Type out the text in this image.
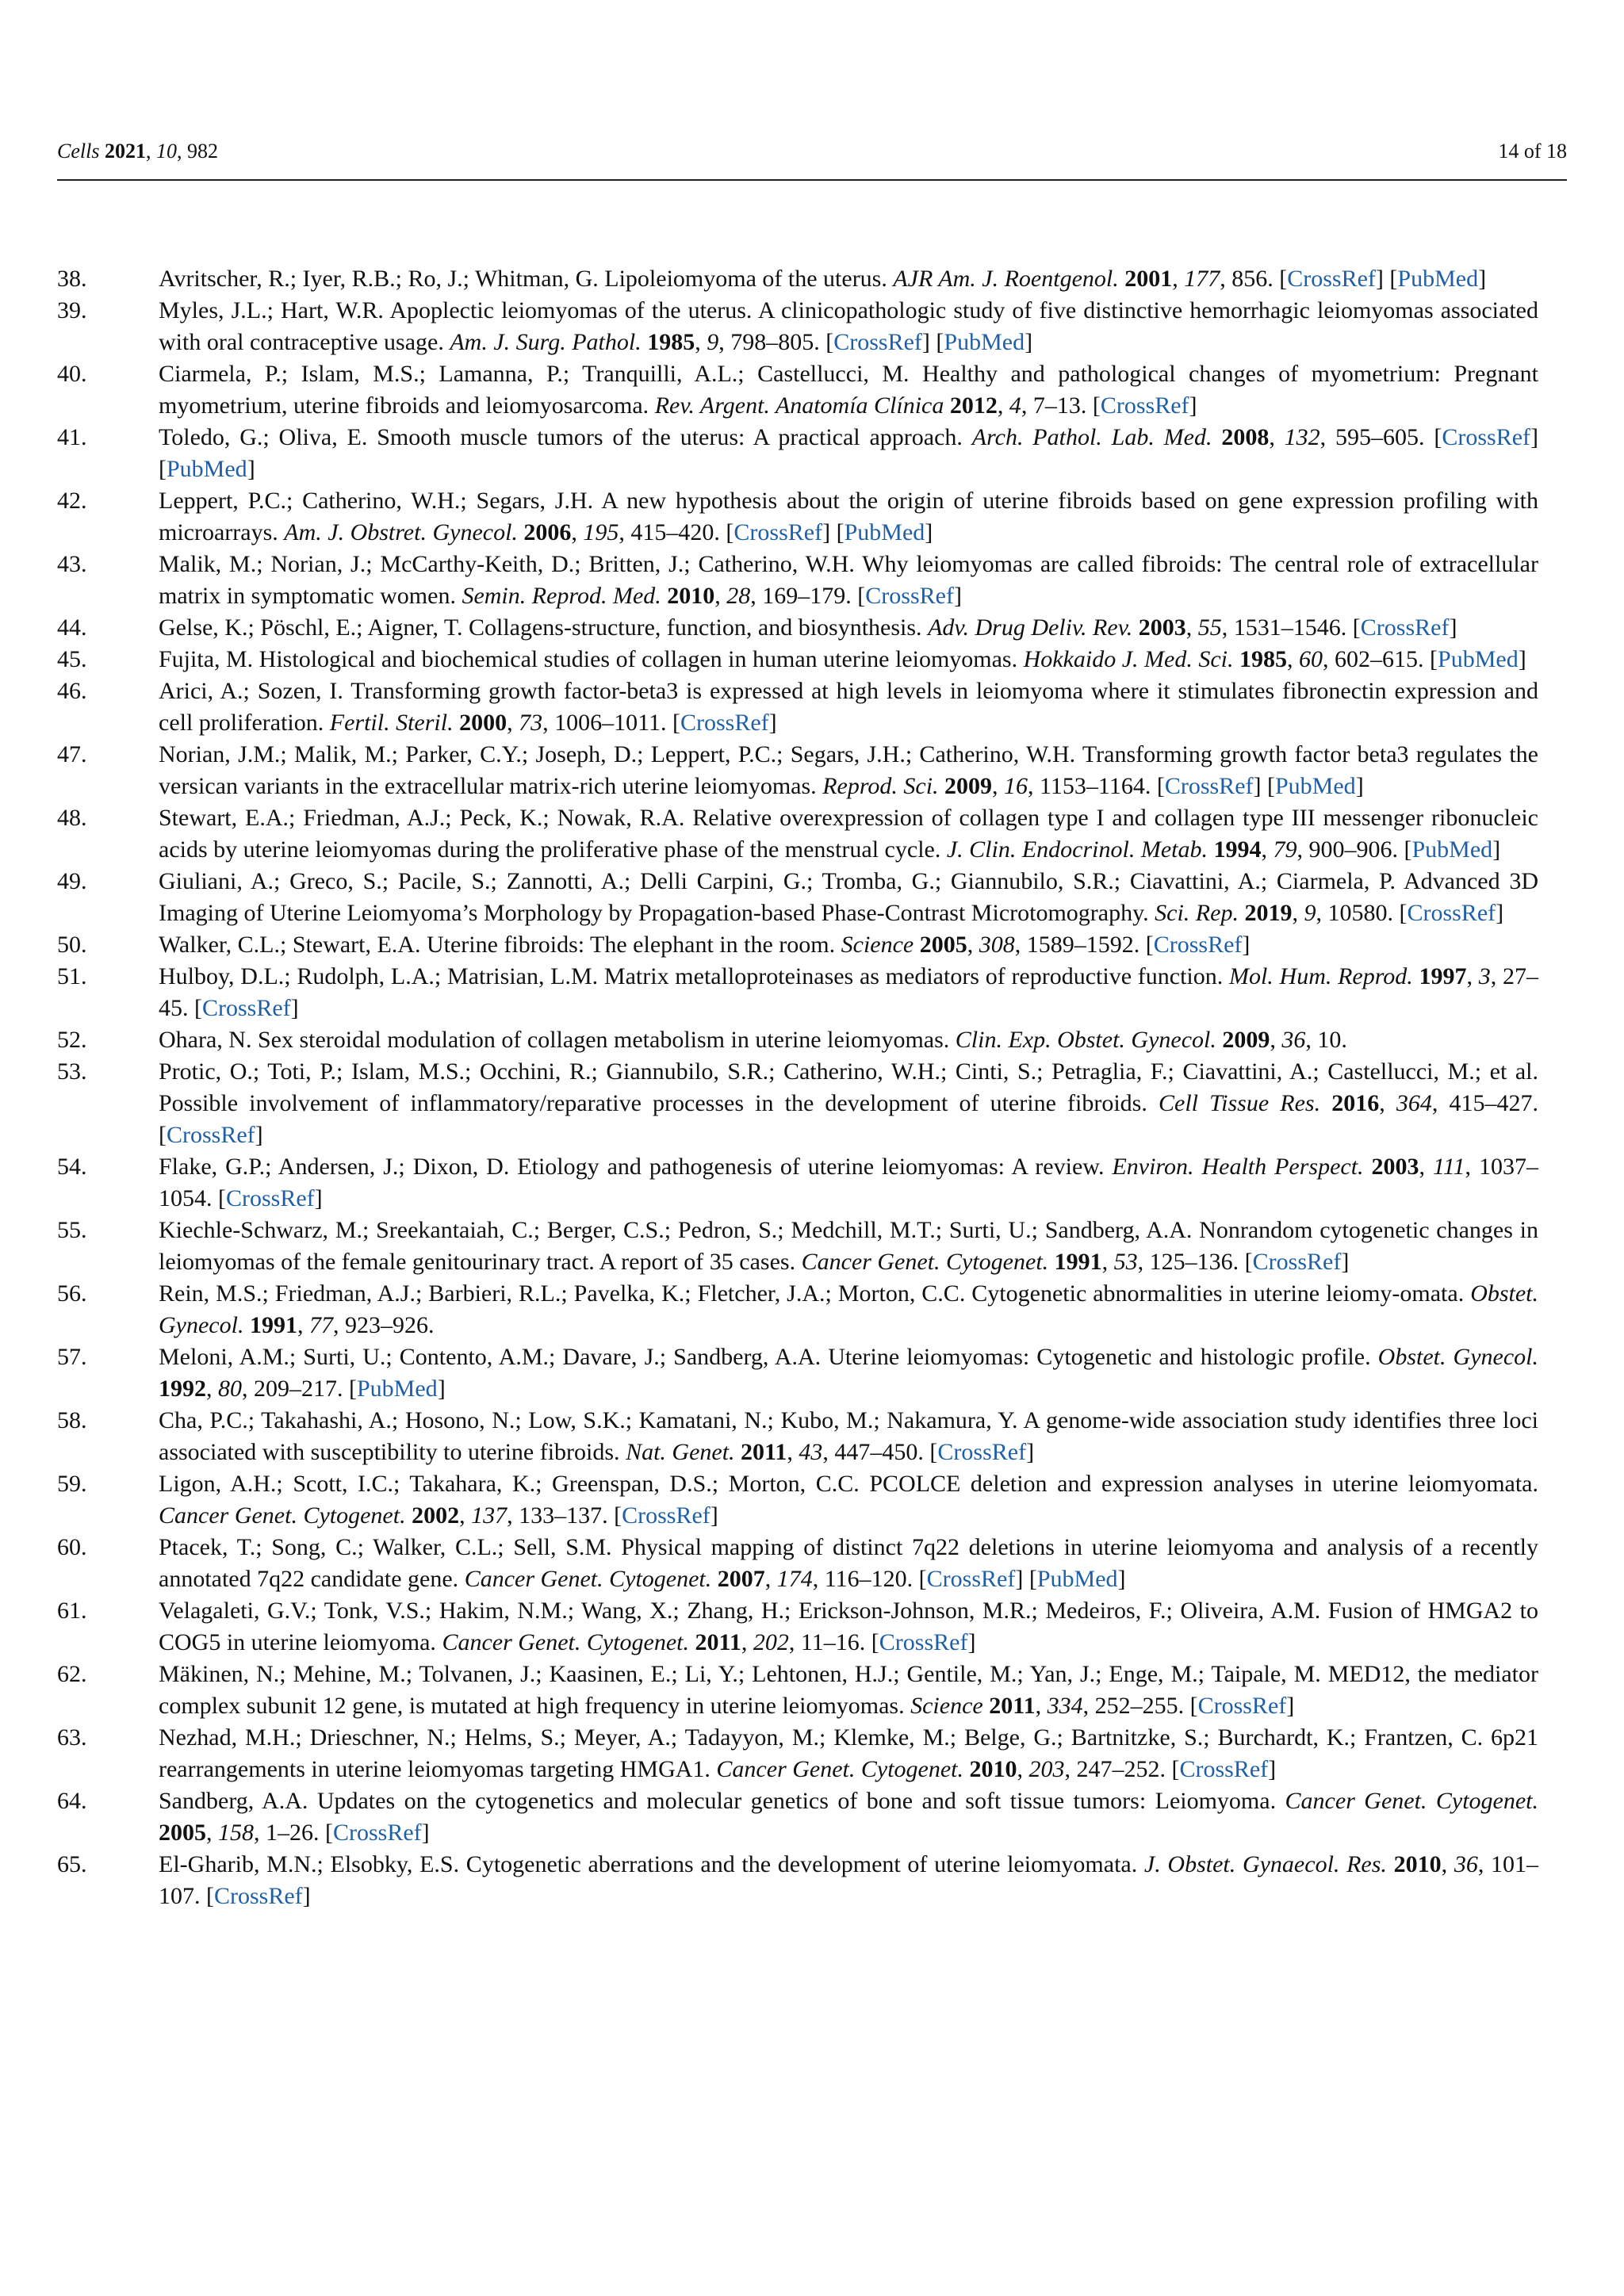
Cells 2021, 10, 982	14 of 18
38.	Avritscher, R.; Iyer, R.B.; Ro, J.; Whitman, G. Lipoleiomyoma of the uterus. AJR Am. J. Roentgenol. 2001, 177, 856. [CrossRef] [PubMed]
39.	Myles, J.L.; Hart, W.R. Apoplectic leiomyomas of the uterus. A clinicopathologic study of five distinctive hemorrhagic leiomyomas associated with oral contraceptive usage. Am. J. Surg. Pathol. 1985, 9, 798–805. [CrossRef] [PubMed]
40.	Ciarmela, P.; Islam, M.S.; Lamanna, P.; Tranquilli, A.L.; Castellucci, M. Healthy and pathological changes of myometrium: Pregnant myometrium, uterine fibroids and leiomyosarcoma. Rev. Argent. Anatomía Clínica 2012, 4, 7–13. [CrossRef]
41.	Toledo, G.; Oliva, E. Smooth muscle tumors of the uterus: A practical approach. Arch. Pathol. Lab. Med. 2008, 132, 595–605. [CrossRef] [PubMed]
42.	Leppert, P.C.; Catherino, W.H.; Segars, J.H. A new hypothesis about the origin of uterine fibroids based on gene expression profiling with microarrays. Am. J. Obstret. Gynecol. 2006, 195, 415–420. [CrossRef] [PubMed]
43.	Malik, M.; Norian, J.; McCarthy-Keith, D.; Britten, J.; Catherino, W.H. Why leiomyomas are called fibroids: The central role of extracellular matrix in symptomatic women. Semin. Reprod. Med. 2010, 28, 169–179. [CrossRef]
44.	Gelse, K.; Pöschl, E.; Aigner, T. Collagens-structure, function, and biosynthesis. Adv. Drug Deliv. Rev. 2003, 55, 1531–1546. [CrossRef]
45.	Fujita, M. Histological and biochemical studies of collagen in human uterine leiomyomas. Hokkaido J. Med. Sci. 1985, 60, 602–615. [PubMed]
46.	Arici, A.; Sozen, I. Transforming growth factor-beta3 is expressed at high levels in leiomyoma where it stimulates fibronectin expression and cell proliferation. Fertil. Steril. 2000, 73, 1006–1011. [CrossRef]
47.	Norian, J.M.; Malik, M.; Parker, C.Y.; Joseph, D.; Leppert, P.C.; Segars, J.H.; Catherino, W.H. Transforming growth factor beta3 regulates the versican variants in the extracellular matrix-rich uterine leiomyomas. Reprod. Sci. 2009, 16, 1153–1164. [CrossRef] [PubMed]
48.	Stewart, E.A.; Friedman, A.J.; Peck, K.; Nowak, R.A. Relative overexpression of collagen type I and collagen type III messenger ribonucleic acids by uterine leiomyomas during the proliferative phase of the menstrual cycle. J. Clin. Endocrinol. Metab. 1994, 79, 900–906. [PubMed]
49.	Giuliani, A.; Greco, S.; Pacile, S.; Zannotti, A.; Delli Carpini, G.; Tromba, G.; Giannubilo, S.R.; Ciavattini, A.; Ciarmela, P. Advanced 3D Imaging of Uterine Leiomyoma’s Morphology by Propagation-based Phase-Contrast Microtomography. Sci. Rep. 2019, 9, 10580. [CrossRef]
50.	Walker, C.L.; Stewart, E.A. Uterine fibroids: The elephant in the room. Science 2005, 308, 1589–1592. [CrossRef]
51.	Hulboy, D.L.; Rudolph, L.A.; Matrisian, L.M. Matrix metalloproteinases as mediators of reproductive function. Mol. Hum. Reprod. 1997, 3, 27–45. [CrossRef]
52.	Ohara, N. Sex steroidal modulation of collagen metabolism in uterine leiomyomas. Clin. Exp. Obstet. Gynecol. 2009, 36, 10.
53.	Protic, O.; Toti, P.; Islam, M.S.; Occhini, R.; Giannubilo, S.R.; Catherino, W.H.; Cinti, S.; Petraglia, F.; Ciavattini, A.; Castellucci, M.; et al. Possible involvement of inflammatory/reparative processes in the development of uterine fibroids. Cell Tissue Res. 2016, 364, 415–427. [CrossRef]
54.	Flake, G.P.; Andersen, J.; Dixon, D. Etiology and pathogenesis of uterine leiomyomas: A review. Environ. Health Perspect. 2003, 111, 1037–1054. [CrossRef]
55.	Kiechle-Schwarz, M.; Sreekantaiah, C.; Berger, C.S.; Pedron, S.; Medchill, M.T.; Surti, U.; Sandberg, A.A. Nonrandom cytogenetic changes in leiomyomas of the female genitourinary tract. A report of 35 cases. Cancer Genet. Cytogenet. 1991, 53, 125–136. [CrossRef]
56.	Rein, M.S.; Friedman, A.J.; Barbieri, R.L.; Pavelka, K.; Fletcher, J.A.; Morton, C.C. Cytogenetic abnormalities in uterine leiomy-omata. Obstet. Gynecol. 1991, 77, 923–926.
57.	Meloni, A.M.; Surti, U.; Contento, A.M.; Davare, J.; Sandberg, A.A. Uterine leiomyomas: Cytogenetic and histologic profile. Obstet. Gynecol. 1992, 80, 209–217. [PubMed]
58.	Cha, P.C.; Takahashi, A.; Hosono, N.; Low, S.K.; Kamatani, N.; Kubo, M.; Nakamura, Y. A genome-wide association study identifies three loci associated with susceptibility to uterine fibroids. Nat. Genet. 2011, 43, 447–450. [CrossRef]
59.	Ligon, A.H.; Scott, I.C.; Takahara, K.; Greenspan, D.S.; Morton, C.C. PCOLCE deletion and expression analyses in uterine leiomyomata. Cancer Genet. Cytogenet. 2002, 137, 133–137. [CrossRef]
60.	Ptacek, T.; Song, C.; Walker, C.L.; Sell, S.M. Physical mapping of distinct 7q22 deletions in uterine leiomyoma and analysis of a recently annotated 7q22 candidate gene. Cancer Genet. Cytogenet. 2007, 174, 116–120. [CrossRef] [PubMed]
61.	Velagaleti, G.V.; Tonk, V.S.; Hakim, N.M.; Wang, X.; Zhang, H.; Erickson-Johnson, M.R.; Medeiros, F.; Oliveira, A.M. Fusion of HMGA2 to COG5 in uterine leiomyoma. Cancer Genet. Cytogenet. 2011, 202, 11–16. [CrossRef]
62.	Mäkinen, N.; Mehine, M.; Tolvanen, J.; Kaasinen, E.; Li, Y.; Lehtonen, H.J.; Gentile, M.; Yan, J.; Enge, M.; Taipale, M. MED12, the mediator complex subunit 12 gene, is mutated at high frequency in uterine leiomyomas. Science 2011, 334, 252–255. [CrossRef]
63.	Nezhad, M.H.; Drieschner, N.; Helms, S.; Meyer, A.; Tadayyon, M.; Klemke, M.; Belge, G.; Bartnitzke, S.; Burchardt, K.; Frantzen, C. 6p21 rearrangements in uterine leiomyomas targeting HMGA1. Cancer Genet. Cytogenet. 2010, 203, 247–252. [CrossRef]
64.	Sandberg, A.A. Updates on the cytogenetics and molecular genetics of bone and soft tissue tumors: Leiomyoma. Cancer Genet. Cytogenet. 2005, 158, 1–26. [CrossRef]
65.	El-Gharib, M.N.; Elsobky, E.S. Cytogenetic aberrations and the development of uterine leiomyomata. J. Obstet. Gynaecol. Res. 2010, 36, 101–107. [CrossRef]
